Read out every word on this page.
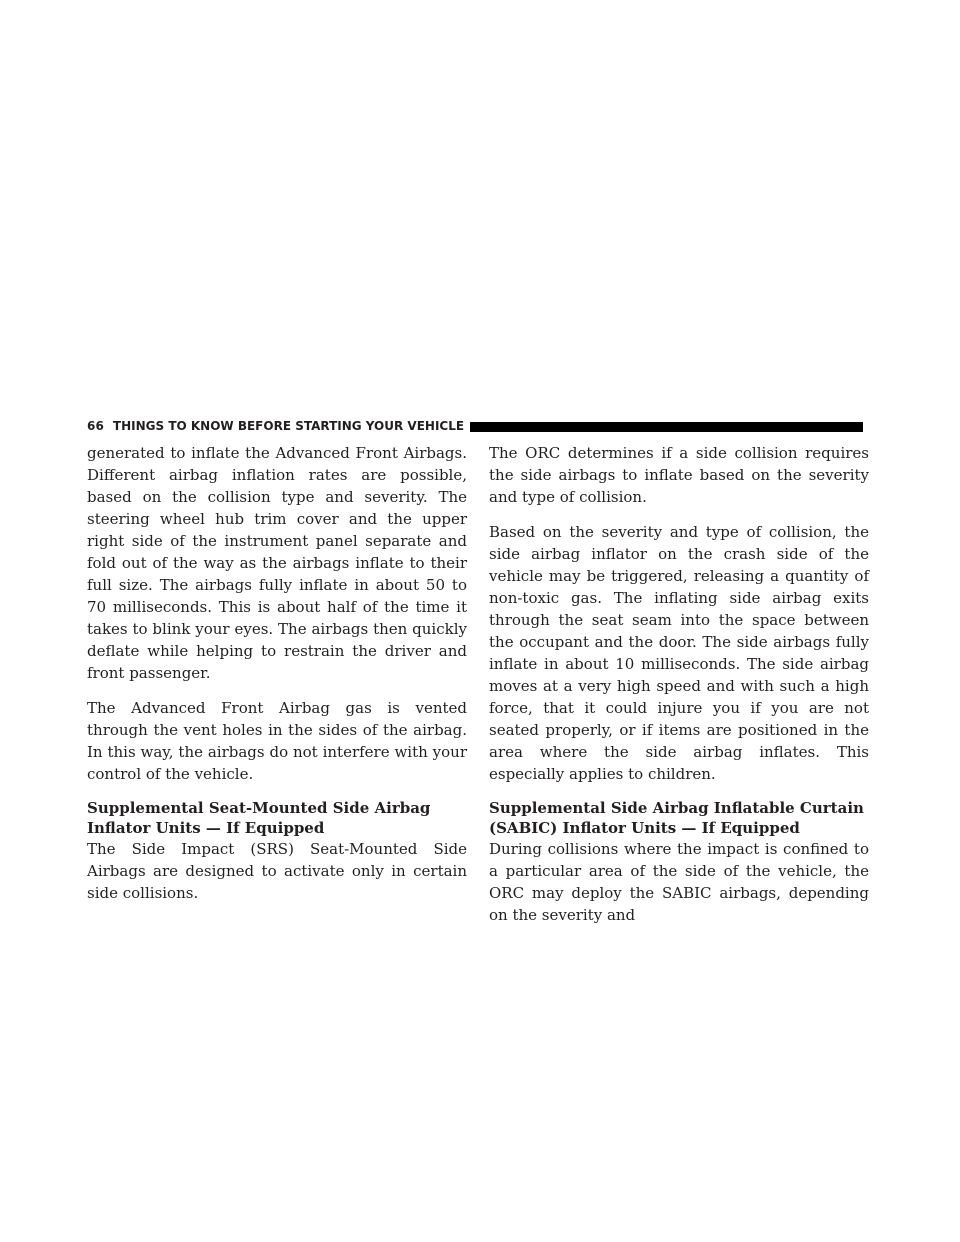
66 THINGS TO KNOW BEFORE STARTING YOUR VEHICLE

generated to inflate the Advanced Front Airbags. Different airbag inflation rates are possible, based on the collision type and severity. The steering wheel hub trim cover and the upper right side of the instrument panel separate and fold out of the way as the airbags inflate to their full size. The airbags fully inflate in about 50 to 70 milliseconds. This is about half of the time it takes to blink your eyes. The airbags then quickly deflate while helping to restrain the driver and front passenger.

The Advanced Front Airbag gas is vented through the vent holes in the sides of the airbag. In this way, the airbags do not interfere with your control of the vehicle.

Supplemental Seat-Mounted Side Airbag Inflator Units — If Equipped

The Side Impact (SRS) Seat-Mounted Side Airbags are designed to activate only in certain side collisions.

The ORC determines if a side collision requires the side airbags to inflate based on the severity and type of collision.

Based on the severity and type of collision, the side airbag inflator on the crash side of the vehicle may be triggered, releasing a quantity of non-toxic gas. The inflating side airbag exits through the seat seam into the space between the occupant and the door. The side airbags fully inflate in about 10 milliseconds. The side airbag moves at a very high speed and with such a high force, that it could injure you if you are not seated properly, or if items are positioned in the area where the side airbag inflates. This especially applies to children.

Supplemental Side Airbag Inflatable Curtain (SABIC) Inflator Units — If Equipped

During collisions where the impact is confined to a particular area of the side of the vehicle, the ORC may deploy the SABIC airbags, depending on the severity and
